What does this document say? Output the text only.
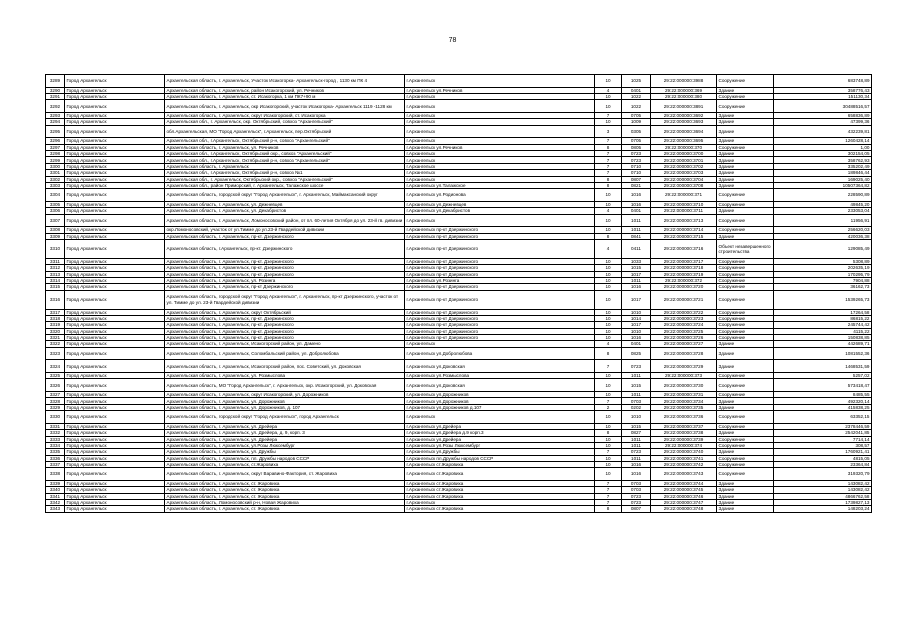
78
3289	Город Архангельск	Архангельская область, г. Архангельск, Участок Исакогорка- Архангельск-город , 1130 км ПК 4	г.Архангельск	10	1025	29:22:000000:3988	Сооружение	683748,89
3290	Город Архангельск	Архангельская область, г. Архангельск, район Исакогорский, ул. Речников	г.Архангельск ул.Речников	4	0401	29:22:000000:369	Здание	358776,43
3291	Город Архангельск	Архангельская область, г. Архангельск, ст. Исакогорка, 1 км ПК7+90 м	г.Архангельск	10	1022	29:22:000000:380	Сооружение	151130,34
3292	Город Архангельск	Архангельская область, г. Архангельск, окр Исакогорский, участок Исакогорка- Архангельск 1119 -1128 км	г.Архангельск	10	1022	29:22:000000:3891	Сооружение	30488516,57
3293	Город Архангельск	Архангельская область, г. Архангельск, округ Исакогорский, ст. Исакогорка	г.Архангельск	7	0705	29:22:000000:3692	Здание	658836,89
3294	Город Архангельск	Архангельская обл., г. Архангельск, окр. Октябрьский, совхоз "Архангельский"	г.Архангельск	10	1009	29:22:000000:3693	Здание	47399,36
3295	Город Архангельск	обл.Архангельская, МО "Город Архангельск", г.Архангельск, пер.Октябрьский	г.Архангельск	3	0305	29:22:000000:3694	Здание	432239,81
3296	Город Архангельск	Архангельская обл., г.Архангельск, Октябрьский р-н, совхоз "Архангельский"	г.Архангельск	7	0705	29:22:000000:3695	Здание	1260428,14
3297	Город Архангельск	Архангельская область, г. Архангельск, ул. Речников	г.Архангельск ул.Речников	8	0805	29:22:000000:370	Сооружение	1,00
3298	Город Архангельск	Архангельская обл., г.Архангельск, Октябрьский окр., совхоз "Архангельский"	г.Архангельск	7	0723	29:22:000000:3700	Здание	302154,05
3299	Город Архангельск	Архангельская обл., г.Архангельск, Октябрьский р-н, совхоз "Архангельский"	г.Архангельск	7	0723	29:22:000000:3701	Здание	358762,93
3300	Город Архангельск	Архангельская область, г. Архангельск	г.Архангельск	7	0710	29:22:000000:3702	Здание	335202,49
3301	Город Архангельск	Архангельская обл., г.Архангельск, Октябрьский р-н, совхоз №1	г.Архангельск	7	0710	29:22:000000:3703	Здание	189846,44
3302	Город Архангельск	Архангельская обл., г. Архангельск, Октябрьский окр., совхоз "Архангельский"	г.Архангельск	8	0807	29:22:000000:3704	Здание	169025,40
3303	Город Архангельск	Архангельская обл., район Приморский, г. Архангельск, Талажское шоссе	г.Архангельск ул.Талажское	8	0821	29:22:000000:3708	Здание	10507364,82
3304	Город Архангельск	Архангельская область, городской округ "Город Архангельск", г. Архангельск, Маймаксанский округ	г.Архангельск ул.Родионова	10	1016	29:22:000000:371	Сооружение	228590,89
3305	Город Архангельск	Архангельская область, г. Архангельск, ул. Дежневцев	г.Архангельск ул.Дежневцев	10	1016	29:22:000000:3710	Сооружение	49845,20
3306	Город Архангельск	Архангельская область, г. Архангельск, ул. Декабристов	г.Архангельск ул.Декабристов	4	0401	29:22:000000:3711	Здание	233053,04
3307	Город Архангельск	Архангельская область, г. Архангельск, Ломоносовский район, от пл. 60-летия Октября до ул. 23-й гв. дивизии	г.Архангельск	10	1011	29:22:000000:3713	Сооружение	11956,91
3308	Город Архангельск	окр.Ломоносовский, участок от ул.Тимме до ул.23-й Гвардейской дивизии	г.Архангельск пр-кт Дзержинского	10	1011	29:22:000000:3714	Сооружение	256620,03
3309	Город Архангельск	Архангельская область, г. Архангельск, пр-кт. Дзержинского	г.Архангельск пр-кт Дзержинского	8	0841	29:22:000000:3715	Здание	420036,38
3310	Город Архангельск	Архангельская область, г.Архангельск, пр-кт. Дзержинского	г.Архангельск пр-кт Дзержинского	4	0411	29:22:000000:3716	Объект незавершенного строительства	129085,49
3311	Город Архангельск	Архангельская область, г. Архангельск, пр-кт. Дзержинского	г.Архангельск пр-кт Дзержинского	10	1033	29:22:000000:3717	Сооружение	5308,89
3312	Город Архангельск	Архангельская область, г. Архангельск, пр-кт. Дзержинского	г.Архангельск пр-кт Дзержинского	10	1015	29:22:000000:3718	Сооружение	202635,19
3313	Город Архангельск	Архангельская область, г. Архангельск, пр-кт. Дзержинского	г.Архангельск пр-кт Дзержинского	10	1017	29:22:000000:3719	Сооружение	170295,79
3314	Город Архангельск	Архангельская область, г. Архангельск, ул. Розинга	г.Архангельск ул.Розинга	10	1011	29:22:000000:372	Сооружение	7904,88
3315	Город Архангельск	Архангельская область, г. Архангельск, пр-кт Дзержинского	г.Архангельск пр-кт Дзержинского	10	1016	29:22:000000:3720	Сооружение	36162,73
3316	Город Архангельск	Архангельская область, городской округ "Город Архангельск", г. Архангельск, пр-кт Дзержинского, участок от ул. Тимме до ул. 23-й Гвардейской дивизии	г.Архангельск пр-кт Дзержинского	10	1017	29:22:000000:3721	Сооружение	1539265,73
3317	Город Архангельск	Архангельская область, г. Архангельск, округ Октябрьский	г.Архангельск пр-кт Дзержинского	10	1010	29:22:000000:3722	Сооружение	17264,58
3318	Город Архангельск	Архангельская область, г. Архангельск, пр-кт. Дзержинского	г.Архангельск пр-кт Дзержинского	10	1014	29:22:000000:3723	Сооружение	86815,22
3319	Город Архангельск	Архангельская область, г. Архангельск, пр-кт. Дзержинского	г.Архангельск пр-кт Дзержинского	10	1017	29:22:000000:3724	Сооружение	245744,42
3320	Город Архангельск	Архангельская область, г. Архангельск, пр-кт. Дзержинского	г.Архангельск пр-кт Дзержинского	10	1010	29:22:000000:3725	Сооружение	4115,22
3321	Город Архангельск	Архангельская область, г. Архангельск, пр-кт. Дзержинского	г.Архангельск пр-кт Дзержинского	10	1016	29:22:000000:3726	Сооружение	150838,85
3322	Город Архангельск	Архангельская область, г. Архангельск, Исакогорский район, ул. Дамено	г.Архангельск	4	0401	29:22:000000:3727	Здание	442689,71
3323	Город Архангельск	Архангельская область, г. Архангельск, Соломбальский район, ул. Добролюбова	г.Архангельск ул.Добролюбова	8	0825	29:22:000000:3728	Здание	1081552,36
3324	Город Архангельск	Архангельская область, г. Архангельск, Исакогорский район, пос. Советский, ул. Доковская	г.Архангельск ул.Доковская	7	0723	29:22:000000:3729	Здание	1468531,59
3325	Город Архангельск	Архангельская область, г. Архангельск, ул. Розмыслова	г.Архангельск ул.Розмыслова	10	1011	29:22:000000:373	Сооружение	5257,02
3326	Город Архангельск	Архангельская область, МО "Город Архангельск", г. Архангельск, окр. Исакогорский, ул. Доковская	г.Архангельск ул.Доковская	10	1015	29:22:000000:3730	Сооружение	573418,47
3327	Город Архангельск	Архангельская область, г. Архангельск, округ Исакогорский, ул. Дорожников	г.Архангельск ул.Дорожников	10	1011	29:22:000000:3731	Сооружение	8485,55
3328	Город Архангельск	Архангельская область, г. Архангельск, ул. Дорожников	г.Архангельск ул.Дорожников	7	0703	29:22:000000:3734	Здание	492320,14
3329	Город Архангельск	Архангельская область, г. Архангельск, ул. Дорожников, д. 107	г.Архангельск ул.Дорожников д.107	2	0202	29:22:000000:3735	Здание	415838,25
3330	Город Архангельск	Архангельская область, городской округ "Город Архангельск", город Архангельск	г.Архангельск	10	1010	29:22:000000:3736	Сооружение	63352,15
3331	Город Архангельск	Архангельская область, г. Архангельск, ул. Дрейера	г.Архангельск ул.Дрейера	10	1015	29:22:000000:3737	Сооружение	2378446,59
3332	Город Архангельск	Архангельская область, г. Архангельск, ул. Дрейера, д. 9, корп. 3	г.Архангельск ул.Дрейера д.9 корп.3	8	0827	29:22:000000:3738	Здание	2542041,85
3333	Город Архангельск	Архангельская область, г. Архангельск, ул. Дрейера	г.Архангельск ул.Дрейера	10	1011	29:22:000000:3739	Сооружение	7714,14
3334	Город Архангельск	Архангельская область, г. Архангельск, ул.Розы Люксембург	г.Архангельск ул.Розы Люксембург	10	1011	29:22:000000:374	Сооружение	308,57
3335	Город Архангельск	Архангельская область, г. Архангельск, ул. Дружбы	г.Архангельск ул.Дружбы	7	0723	29:22:000000:3740	Здание	1760921,41
3336	Город Архангельск	Архангельская область, г. Архангельск, пл. Дружбы народов СССР	г.Архангельск пл.Дружбы народов СССР	10	1011	29:22:000000:3741	Сооружение	4815,05
3337	Город Архангельск	Архангельская область, г. Архангельск, ст.Жаровиха	г.Архангельск ст.Жаровиха	10	1016	29:22:000000:3742	Сооружение	23364,84
3338	Город Архангельск	Архангельская область, г. Архангельск, округ Варавино-Фактория, ст. Жаровиха	г.Архангельск ст.Жаровиха	10	1016	29:22:000000:3743	Сооружение	319320,79
3339	Город Архангельск	Архангельская область, г. Архангельск, ст. Жаровиха	г.Архангельск ст.Жаровиха	7	0703	29:22:000000:3744	Здание	143082,42
3340	Город Архангельск	Архангельская область, г. Архангельск, ст. Жаровиха	г.Архангельск ст.Жаровиха	7	0703	29:22:000000:3745	Здание	143082,42
3341	Город Архангельск	Архангельская область, г. Архангельск, ст. Жаровиха	г.Архангельск ст.Жаровиха	7	0723	29:22:000000:3746	Здание	4866762,58
3342	Город Архангельск	Архангельская область, Ломоносовский р-н, Новая Жаровиха	г.Архангельск	7	0723	29:22:000000:3747	Здание	1739827,13
3343	Город Архангельск	Архангельская область, г. Архангельск, ст. Жаровиха	г.Архангельск ст.Жаровиха	8	0807	29:22:000000:3748	Здание	148203,24
